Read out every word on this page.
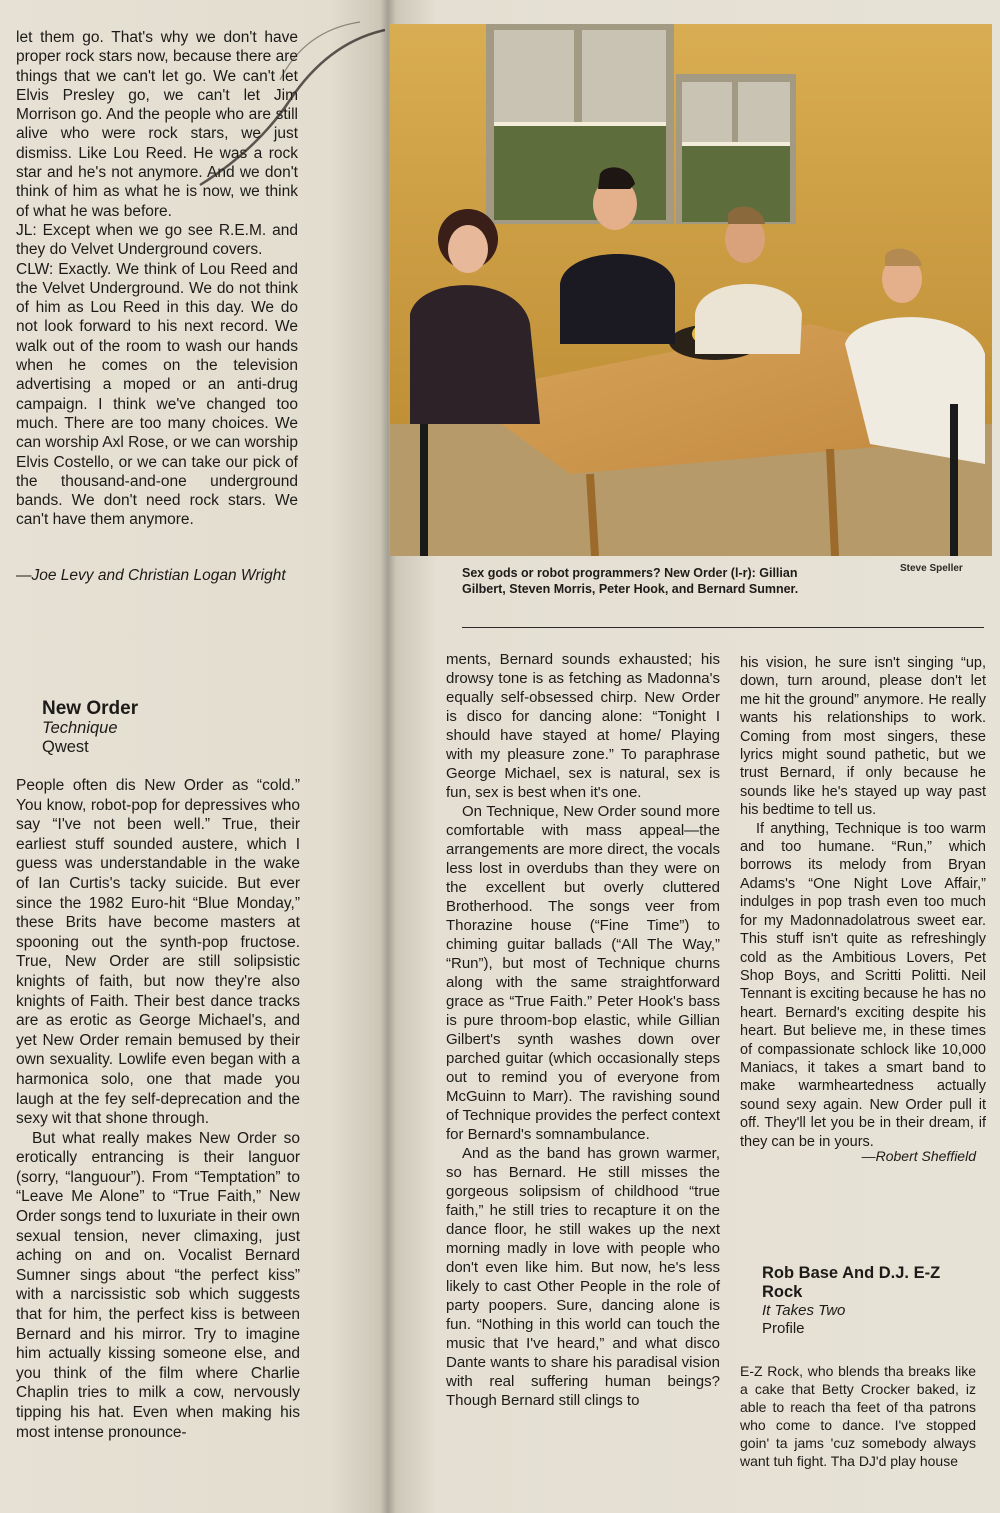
let them go. That's why we don't have proper rock stars now, because there are things that we can't let go. We can't let Elvis Presley go, we can't let Jim Morrison go. And the people who are still alive who were rock stars, we just dismiss. Like Lou Reed. He was a rock star and he's not anymore. And we don't think of him as what he is now, we think of what he was before.

JL: Except when we go see R.E.M. and they do Velvet Underground covers.

CLW: Exactly. We think of Lou Reed and the Velvet Underground. We do not think of him as Lou Reed in this day. We do not look forward to his next record. We walk out of the room to wash our hands when he comes on the television advertising a moped or an anti-drug campaign. I think we've changed too much. There are too many choices. We can worship Axl Rose, or we can worship Elvis Costello, or we can take our pick of the thousand-and-one underground bands. We don't need rock stars. We can't have them anymore.

—Joe Levy and Christian Logan Wright	Steve Speller
Sex gods or robot programmers? New Order (l-r): Gillian Gilbert, Steven Morris, Peter Hook, and Bernard Sumner.
New Order
Technique
Qwest

People often dis New Order as “cold.” You know, robot-pop for depressives who say “I've not been well.” True, their earliest stuff sounded austere, which I guess was understandable in the wake of Ian Curtis's tacky suicide. But ever since the 1982 Euro-hit “Blue Monday,” these Brits have become masters at spooning out the synth-pop fructose. True, New Order are still solipsistic knights of faith, but now they're also knights of Faith. Their best dance tracks are as erotic as George Michael's, and yet New Order remain bemused by their own sexuality. Lowlife even began with a harmonica solo, one that made you laugh at the fey self-deprecation and the sexy wit that shone through.

But what really makes New Order so erotically entrancing is their languor (sorry, “languour”). From “Temptation” to “Leave Me Alone” to “True Faith,” New Order songs tend to luxuriate in their own sexual tension, never climaxing, just aching on and on. Vocalist Bernard Sumner sings about “the perfect kiss” with a narcissistic sob which suggests that for him, the perfect kiss is between Bernard and his mirror. Try to imagine him actually kissing someone else, and you think of the film where Charlie Chaplin tries to milk a cow, nervously tipping his hat. Even when making his most intense pronounce-

ments, Bernard sounds exhausted; his drowsy tone is as fetching as Madonna's equally self-obsessed chirp. New Order is disco for dancing alone: “Tonight I should have stayed at home/ Playing with my pleasure zone.” To paraphrase George Michael, sex is natural, sex is fun, sex is best when it's one.

On Technique, New Order sound more comfortable with mass appeal—the arrangements are more direct, the vocals less lost in overdubs than they were on the excellent but overly cluttered Brotherhood. The songs veer from Thorazine house (“Fine Time”) to chiming guitar ballads (“All The Way,” “Run”), but most of Technique churns along with the same straightforward grace as “True Faith.” Peter Hook's bass is pure throom-bop elastic, while Gillian Gilbert's synth washes down over parched guitar (which occasionally steps out to remind you of everyone from McGuinn to Marr). The ravishing sound of Technique provides the perfect context for Bernard's somnambulance.

And as the band has grown warmer, so has Bernard. He still misses the gorgeous solipsism of childhood “true faith,” he still tries to recapture it on the dance floor, he still wakes up the next morning madly in love with people who don't even like him. But now, he's less likely to cast Other People in the role of party poopers. Sure, dancing alone is fun. “Nothing in this world can touch the music that I've heard,” and what disco Dante wants to share his paradisal vision with real suffering human beings? Though Bernard still clings to

his vision, he sure isn't singing “up, down, turn around, please don't let me hit the ground” anymore. He really wants his relationships to work. Coming from most singers, these lyrics might sound pathetic, but we trust Bernard, if only because he sounds like he's stayed up way past his bedtime to tell us.

If anything, Technique is too warm and too humane. “Run,” which borrows its melody from Bryan Adams's “One Night Love Affair,” indulges in pop trash even too much for my Madonnadolatrous sweet ear. This stuff isn't quite as refreshingly cold as the Ambitious Lovers, Pet Shop Boys, and Scritti Politti. Neil Tennant is exciting because he has no heart. Bernard's exciting despite his heart. But believe me, in these times of compassionate schlock like 10,000 Maniacs, it takes a smart band to make warmheartedness actually sound sexy again. New Order pull it off. They'll let you be in their dream, if they can be in yours.

—Robert Sheffield
Rob Base And D.J. E-Z Rock
It Takes Two
Profile

E-Z Rock, who blends tha breaks like a cake that Betty Crocker baked, iz able to reach tha feet of tha patrons who come to dance. I've stopped goin' ta jams 'cuz somebody always want tuh fight. Tha DJ'd play house
